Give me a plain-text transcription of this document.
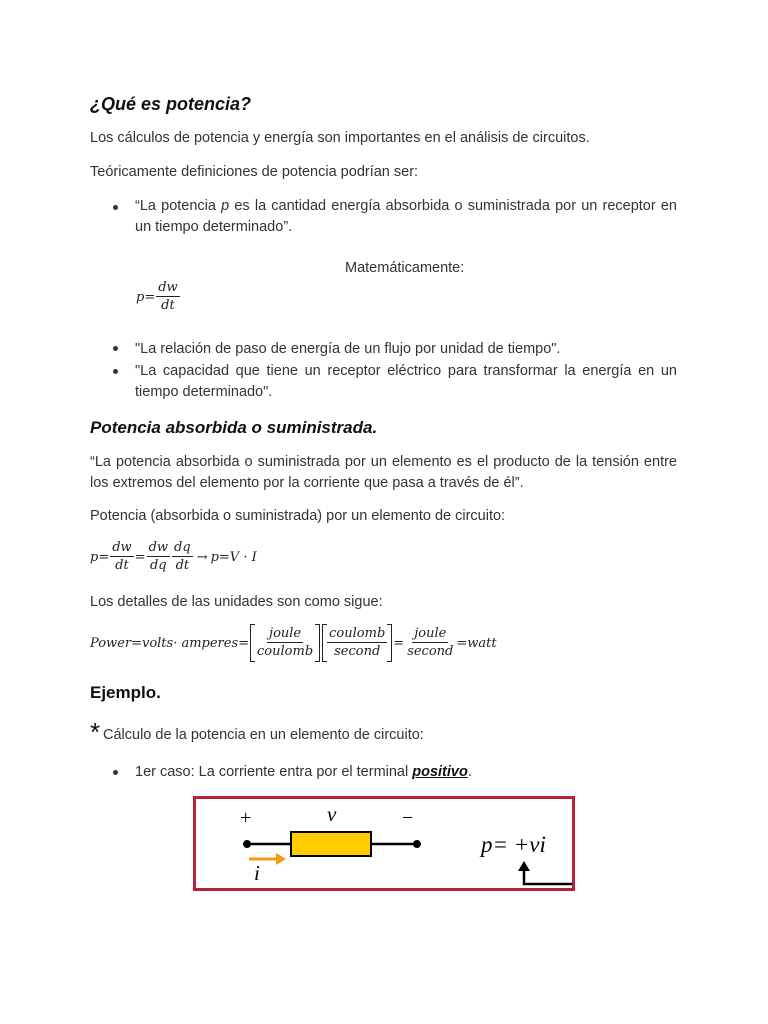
¿Qué es potencia?
Los cálculos de potencia y energía son importantes en el análisis de circuitos.
Teóricamente definiciones de potencia podrían ser:
“La potencia p es la cantidad energía absorbida o suministrada por un receptor en un tiempo determinado”.
Matemáticamente:
$p= \frac{dw}{dt}$
"La relación de paso de energía de un flujo por unidad de tiempo".
"La capacidad que tiene un receptor eléctrico para transformar la energía en un tiempo determinado".
Potencia absorbida o suministrada.
“La potencia absorbida o suministrada por un elemento es el producto de la tensión entre los extremos del elemento por la corriente que pasa a través de él”.
Potencia (absorbida o suministrada) por un elemento de circuito:
$p= \frac{dw}{dt} = \frac{dw}{dq} \frac{dq}{dt} \to p=V \cdot I$
Los detalles de las unidades son como sigue:
Power=volts· amperes= $\frac{\text{joule}}{\text{coulomb}} \frac{\text{coulomb}}{\text{second}} = \frac{\text{joule}}{\text{second}}$ =watt
Ejemplo.
* Cálculo de la potencia en un elemento de circuito:
1er caso: La corriente entra por el terminal positivo.
+	−
v
i
p= +vi
